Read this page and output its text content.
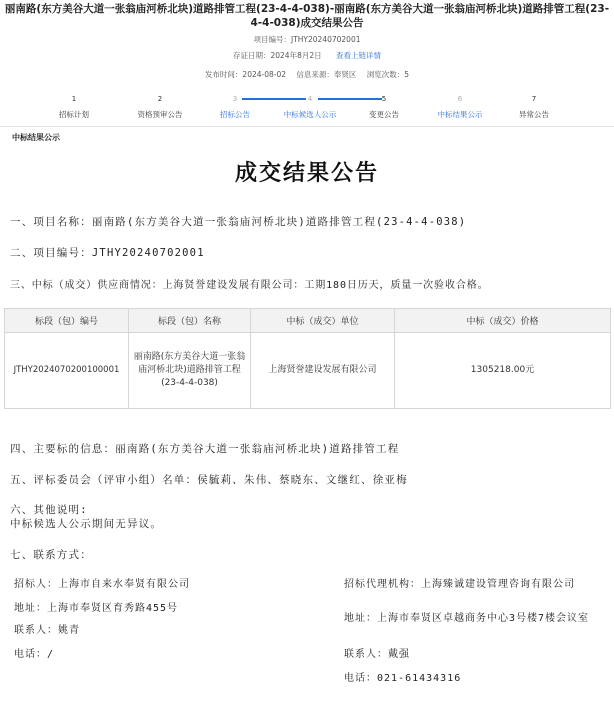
丽南路(东方美谷大道一张翁庙河桥北块)道路排管工程(23-4-4-038)-丽南路(东方美谷大道一张翁庙河桥北块)道路排管工程(23-4-4-038)成交结果公告
项目编号：JTHY20240702001
存证日期：2024年8月2日 查看上链详情
发布时间：2024-08-02 信息来源：奉贤区 浏览次数：5
1
招标计划
2
资格预审公告
3
招标公告
4
中标候选人公示
5
变更公告
6
中标结果公示
7
异常公告
中标结果公示
成交结果公告
一、项目名称：丽南路(东方美谷大道一张翁庙河桥北块)道路排管工程(23-4-4-038)
二、项目编号：JTHY20240702001
三、中标（成交）供应商情况：上海贤誉建设发展有限公司：工期180日历天，质量一次验收合格。
标段（包）编号	标段（包）名称	中标（成交）单位	中标（成交）价格
JTHY2024070200100001	丽南路(东方美谷大道一张翁庙河桥北块)道路排管工程(23-4-4-038)	上海贤誉建设发展有限公司	1305218.00元
四、主要标的信息：丽南路(东方美谷大道一张翁庙河桥北块)道路排管工程
五、评标委员会（评审小组）名单：侯毓莉、朱伟、蔡晓东、文继红、徐亚梅
六、其他说明:
中标候选人公示期间无异议。
七、联系方式：
招标人：上海市自来水奉贤有限公司
地址：上海市奉贤区育秀路455号
联系人：姚青
电话：/
招标代理机构：上海臻诚建设管理咨询有限公司
地址：上海市奉贤区卓越商务中心3号楼7楼会议室
联系人：戴强
电话：021-61434316
